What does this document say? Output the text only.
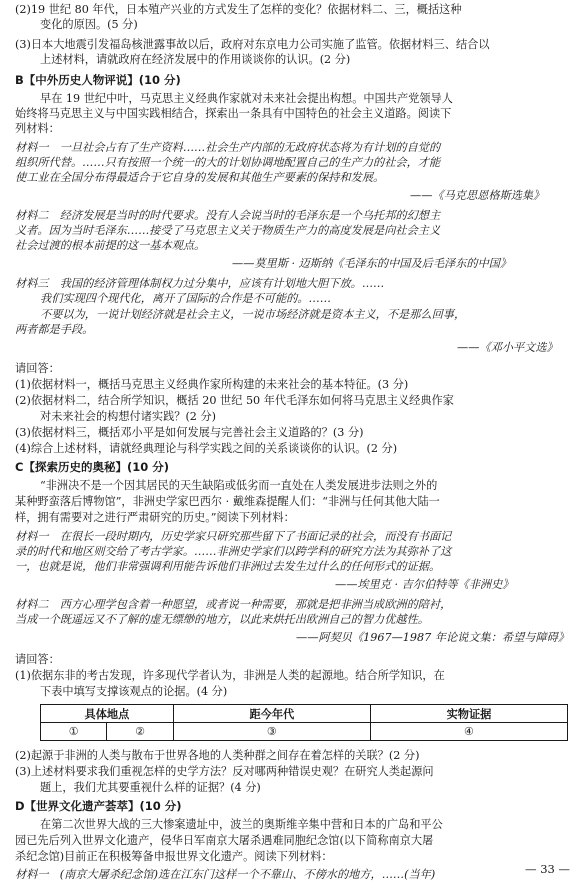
(2)19 世纪 80 年代，日本殖产兴业的方式发生了怎样的变化？依据材料二、三，概括这种
变化的原因。(5 分)
(3)日本大地震引发福岛核泄露事故以后，政府对东京电力公司实施了监管。依据材料三、结合以
上述材料，请就政府在经济发展中的作用谈谈你的认识。(2 分)
B【中外历史人物评说】(10 分)
早在 19 世纪中叶，马克思主义经典作家就对未来社会提出构想。中国共产党领导人
始终将马克思主义与中国实践相结合，探索出一条具有中国特色的社会主义道路。阅读下
列材料：
材料一　一旦社会占有了生产资料……社会生产内部的无政府状态将为有计划的自觉的
组织所代替。……只有按照一个统一的大的计划协调地配置自己的生产力的社会，才能
使工业在全国分布得最适合于它自身的发展和其他生产要素的保持和发展。
——《马克思恩格斯选集》
材料二　经济发展是当时的时代要求。没有人会说当时的毛泽东是一个乌托邦的幻想主
义者。因为当时毛泽东……接受了马克思主义关于物质生产力的高度发展是向社会主义
社会过渡的根本前提的这一基本观点。
——莫里斯 · 迈斯纳《毛泽东的中国及后毛泽东的中国》
材料三　我国的经济管理体制权力过分集中，应该有计划地大胆下放。……
我们实现四个现代化，离开了国际的合作是不可能的。……
不要以为，一说计划经济就是社会主义，一说市场经济就是资本主义，不是那么回事，
两者都是手段。
——《邓小平文选》
请回答：
(1)依据材料一，概括马克思主义经典作家所构建的未来社会的基本特征。(3 分)
(2)依据材料二，结合所学知识，概括 20 世纪 50 年代毛泽东如何将马克思主义经典作家
对未来社会的构想付诸实践？(2 分)
(3)依据材料三，概括邓小平是如何发展与完善社会主义道路的？(3 分)
(4)综合上述材料，请就经典理论与科学实践之间的关系谈谈你的认识。(2 分)
C【探索历史的奥秘】(10 分)
“非洲决不是一个因其居民的天生缺陷或低劣而一直处在人类发展进步法则之外的
某种野蛮落后博物馆”，非洲史学家巴西尔 · 戴维森提醒人们：“非洲与任何其他大陆一
样，拥有需要对之进行严肃研究的历史。”阅读下列材料：
材料一　在很长一段时期内，历史学家只研究那些留下了书面记录的社会，而没有书面记
录的时代和地区则交给了考古学家。……非洲史学家们以跨学科的研究方法为其弥补了这
一，也就是说，他们非常强调利用能告诉他们非洲过去发生过什么的任何形式的证据。
——埃里克 · 吉尔伯特等《非洲史》
材料二　西方心理学包含着一种愿望，或者说一种需要，那就是把非洲当成欧洲的陪衬，
当成一个既遥远又不了解的虚无缥缈的地方，以此来烘托出欧洲自己的智力优越性。
——阿契贝《1967—1987 年论说文集：希望与障碍》
请回答：
(1)依据东非的考古发现，许多现代学者认为，非洲是人类的起源地。结合所学知识，在
下表中填写支撑该观点的论据。(4 分)
具体地点		距今年代	实物证据
①	②	③	④
(2)起源于非洲的人类与散布于世界各地的人类种群之间存在着怎样的关联？(2 分)
(3)上述材料要求我们重视怎样的史学方法？反对哪两种错误史观？在研究人类起源问
题上，我们尤其要重视什么样的证据？(4 分)
D【世界文化遗产荟萃】(10 分)
在第二次世界大战的三大惨案遗址中，波兰的奥斯维辛集中营和日本的广岛和平公
园已先后列入世界文化遗产，侵华日军南京大屠杀遇难同胞纪念馆(以下简称南京大屠
杀纪念馆)目前正在积极筹备申报世界文化遗产。阅读下列材料：
材料一　(南京大屠杀纪念馆)选在江东门这样一个不靠山、不傍水的地方，……(当年)	— 33 —
